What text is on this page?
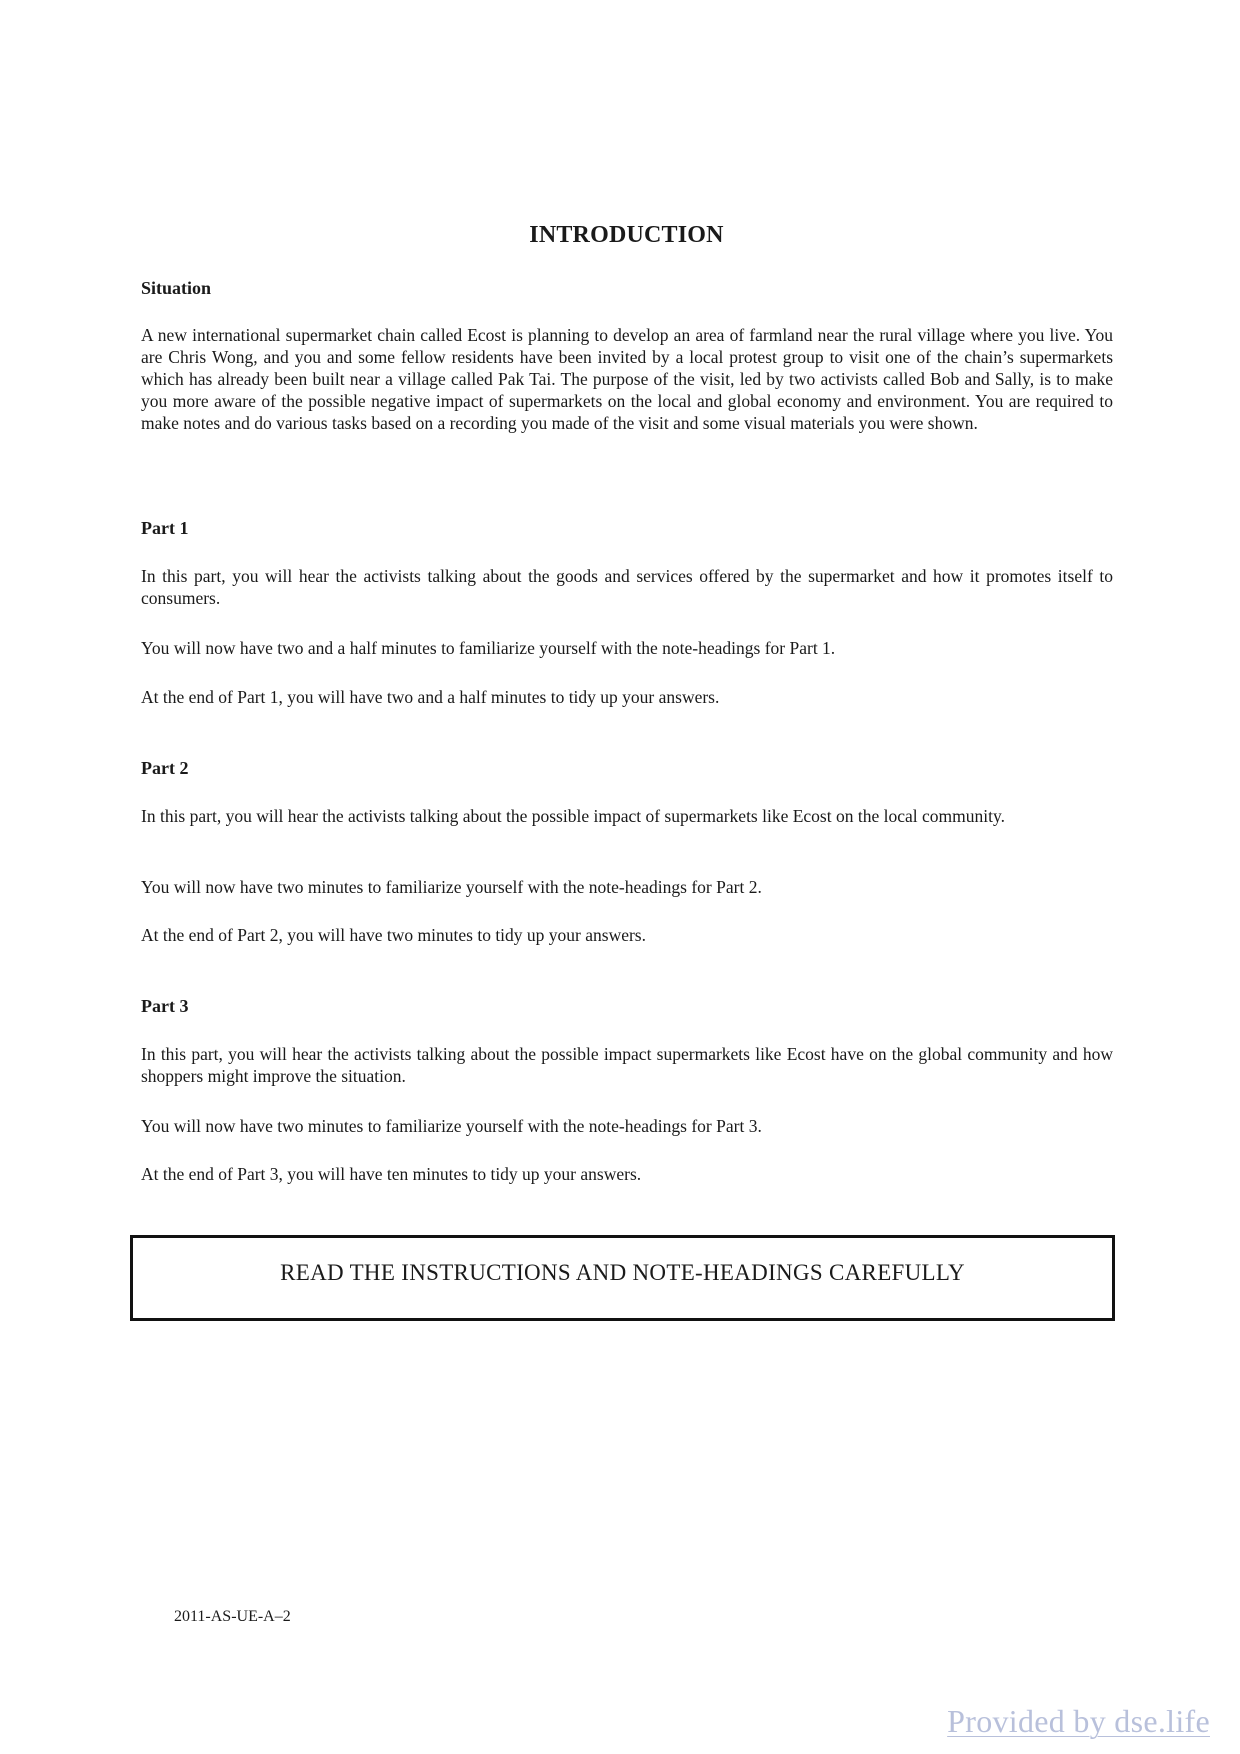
INTRODUCTION
Situation

A new international supermarket chain called Ecost is planning to develop an area of farmland near the rural village where you live. You are Chris Wong, and you and some fellow residents have been invited by a local protest group to visit one of the chain’s supermarkets which has already been built near a village called Pak Tai. The purpose of the visit, led by two activists called Bob and Sally, is to make you more aware of the possible negative impact of supermarkets on the local and global economy and environment. You are required to make notes and do various tasks based on a recording you made of the visit and some visual materials you were shown.

Part 1

In this part, you will hear the activists talking about the goods and services offered by the supermarket and how it promotes itself to consumers.

You will now have two and a half minutes to familiarize yourself with the note-headings for Part 1.
At the end of Part 1, you will have two and a half minutes to tidy up your answers.
Part 2

In this part, you will hear the activists talking about the possible impact of supermarkets like Ecost on the local community.

You will now have two minutes to familiarize yourself with the note-headings for Part 2.
At the end of Part 2, you will have two minutes to tidy up your answers.
Part 3

In this part, you will hear the activists talking about the possible impact supermarkets like Ecost have on the global community and how shoppers might improve the situation.

You will now have two minutes to familiarize yourself with the note-headings for Part 3.
At the end of Part 3, you will have ten minutes to tidy up your answers.
READ THE INSTRUCTIONS AND NOTE-HEADINGS CAREFULLY
2011-AS-UE-A–2
Provided by dse.life
